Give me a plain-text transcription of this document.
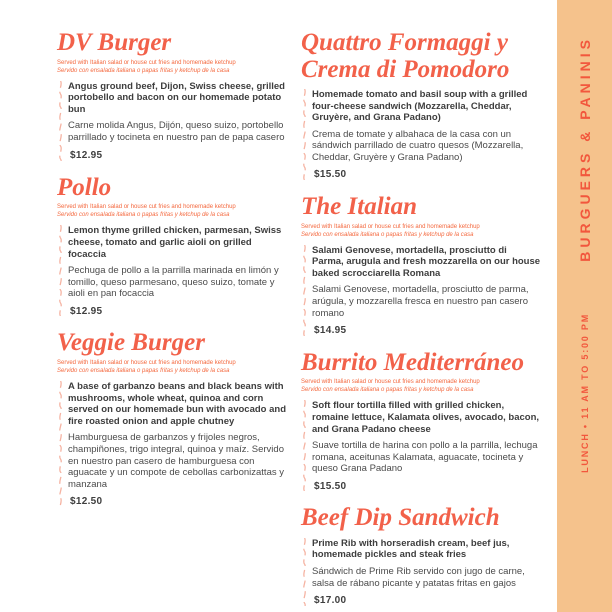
DV Burger

Served with Italian salad or house cut fries and homemade ketchup

Servido con ensalada italiana o papas fritas y ketchup de la casa

Angus ground beef, Dijon, Swiss cheese, grilled portobello and bacon on our homemade potato bun

Carne molida Angus, Dijón, queso suizo, portobello parrillado y tocineta en nuestro pan de papa casero

$12.95

Pollo

Served with Italian salad or house cut fries and homemade ketchup

Servido con ensalada italiana o papas fritas y ketchup de la casa

Lemon thyme grilled chicken, parmesan, Swiss cheese, tomato and garlic aioli on grilled focaccia

Pechuga de pollo a la parrilla marinada en limón y tomillo, queso parmesano, queso suizo, tomate y aioli en pan focaccia

$12.95

Veggie Burger

Served with Italian salad or house cut fries and homemade ketchup

Servido con ensalada italiana o papas fritas y ketchup de la casa

A base of garbanzo beans and black beans with mushrooms, whole wheat, quinoa and corn served on our homemade bun with avocado and fire roasted onion and apple chutney

Hamburguesa de garbanzos y frijoles negros, champiñones, trigo integral, quinoa y maíz. Servido en nuestro pan casero de hamburguesa con aguacate y un compote de cebollas carbonizattas y manzana

$12.50

Quattro Formaggi y Crema di Pomodoro

Homemade tomato and basil soup with a grilled four-cheese sandwich (Mozzarella, Cheddar, Gruyère, and Grana Padano)

Crema de tomate y albahaca de la casa con un sándwich parrillado de cuatro quesos (Mozzarella, Cheddar, Gruyère y Grana Padano)

$15.50

The Italian

Served with Italian salad or house cut fries and homemade ketchup

Servido con ensalada italiana o papas fritas y ketchup de la casa

Salami Genovese, mortadella, prosciutto di Parma, arugula and fresh mozzarella on our house baked scrocciarella Romana

Salami Genovese, mortadella, prosciutto de parma, arúgula, y mozzarella fresca en nuestro pan casero romano

$14.95

Burrito Mediterráneo

Served with Italian salad or house cut fries and homemade ketchup

Servido con ensalada italiana o papas fritas y ketchup de la casa

Soft flour tortilla filled with grilled chicken, romaine lettuce, Kalamata olives, avocado, bacon, and Grana Padano cheese

Suave tortilla de harina con pollo a la parrilla, lechuga romana, aceitunas Kalamata, aguacate, tocineta y queso Grana Padano

$15.50

Beef Dip Sandwich

Prime Rib with horseradish cream, beef jus, homemade pickles and steak fries

Sándwich de Prime Rib servido con jugo de carne, salsa de rábano picante y patatas fritas en gajos

$17.00

BURGUERS & PANINIS
LUNCH • 11 AM TO 5:00 PM
